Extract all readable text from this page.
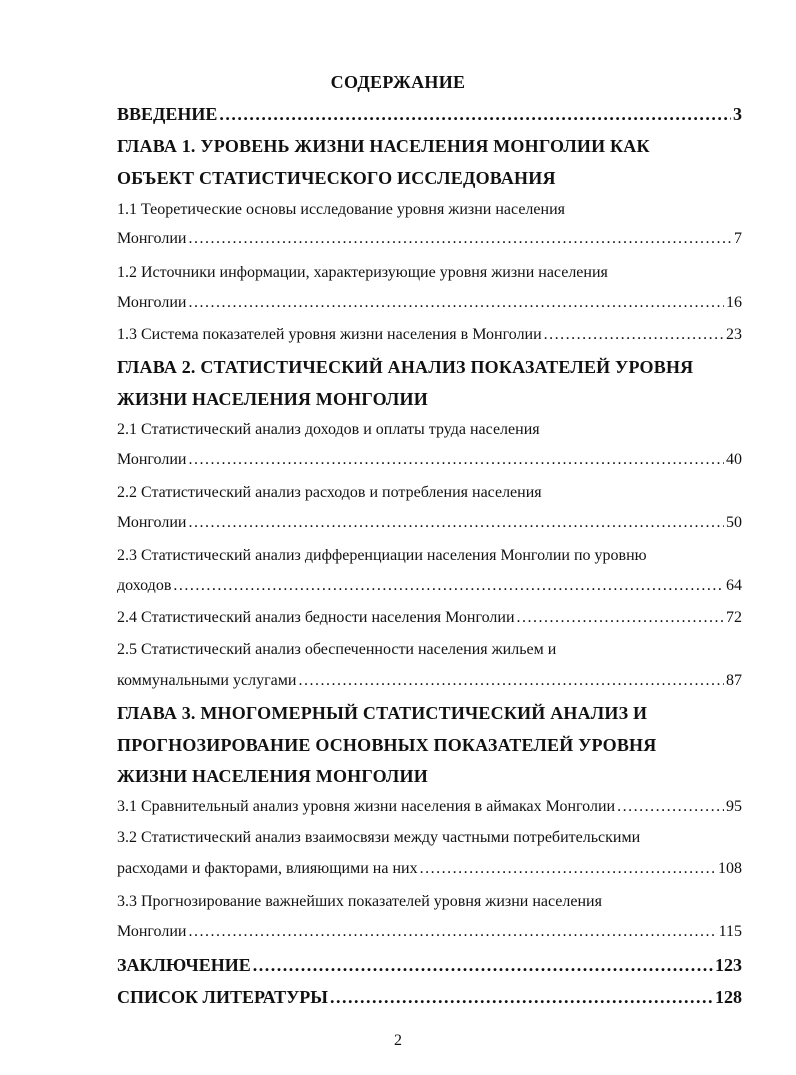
СОДЕРЖАНИЕ
ВВЕДЕНИЕ .....	3
ГЛАВА 1. УРОВЕНЬ ЖИЗНИ НАСЕЛЕНИЯ МОНГОЛИИ КАК
ОБЪЕКТ СТАТИСТИЧЕСКОГО ИССЛЕДОВАНИЯ
1.1 Теоретические основы исследование уровня жизни населения
Монголии .....	7
1.2 Источники информации, характеризующие уровня жизни населения
Монголии .....	16
1.3 Система показателей уровня жизни населения в Монголии .....	23
ГЛАВА 2. СТАТИСТИЧЕСКИЙ АНАЛИЗ ПОКАЗАТЕЛЕЙ УРОВНЯ
ЖИЗНИ НАСЕЛЕНИЯ МОНГОЛИИ
2.1 Статистический анализ доходов и оплаты труда населения
Монголии .....	40
2.2 Статистический анализ расходов и потребления населения
Монголии .....	50
2.3 Статистический анализ дифференциации населения Монголии по уровню
доходов .....	64
2.4 Статистический анализ бедности населения Монголии .....	72
2.5 Статистический анализ обеспеченности населения жильем и
коммунальными услугами .....	87
ГЛАВА 3. МНОГОМЕРНЫЙ СТАТИСТИЧЕСКИЙ АНАЛИЗ И
ПРОГНОЗИРОВАНИЕ ОСНОВНЫХ ПОКАЗАТЕЛЕЙ УРОВНЯ
ЖИЗНИ НАСЕЛЕНИЯ МОНГОЛИИ
3.1 Сравнительный анализ уровня жизни населения в аймаках Монголии .....	95
3.2 Статистический анализ взаимосвязи между частными потребительскими
расходами и факторами, влияющими на них .....	108
3.3 Прогнозирование важнейших показателей уровня жизни населения
Монголии .....	115
ЗАКЛЮЧЕНИЕ .....	123
СПИСОК ЛИТЕРАТУРЫ .....	128
2
